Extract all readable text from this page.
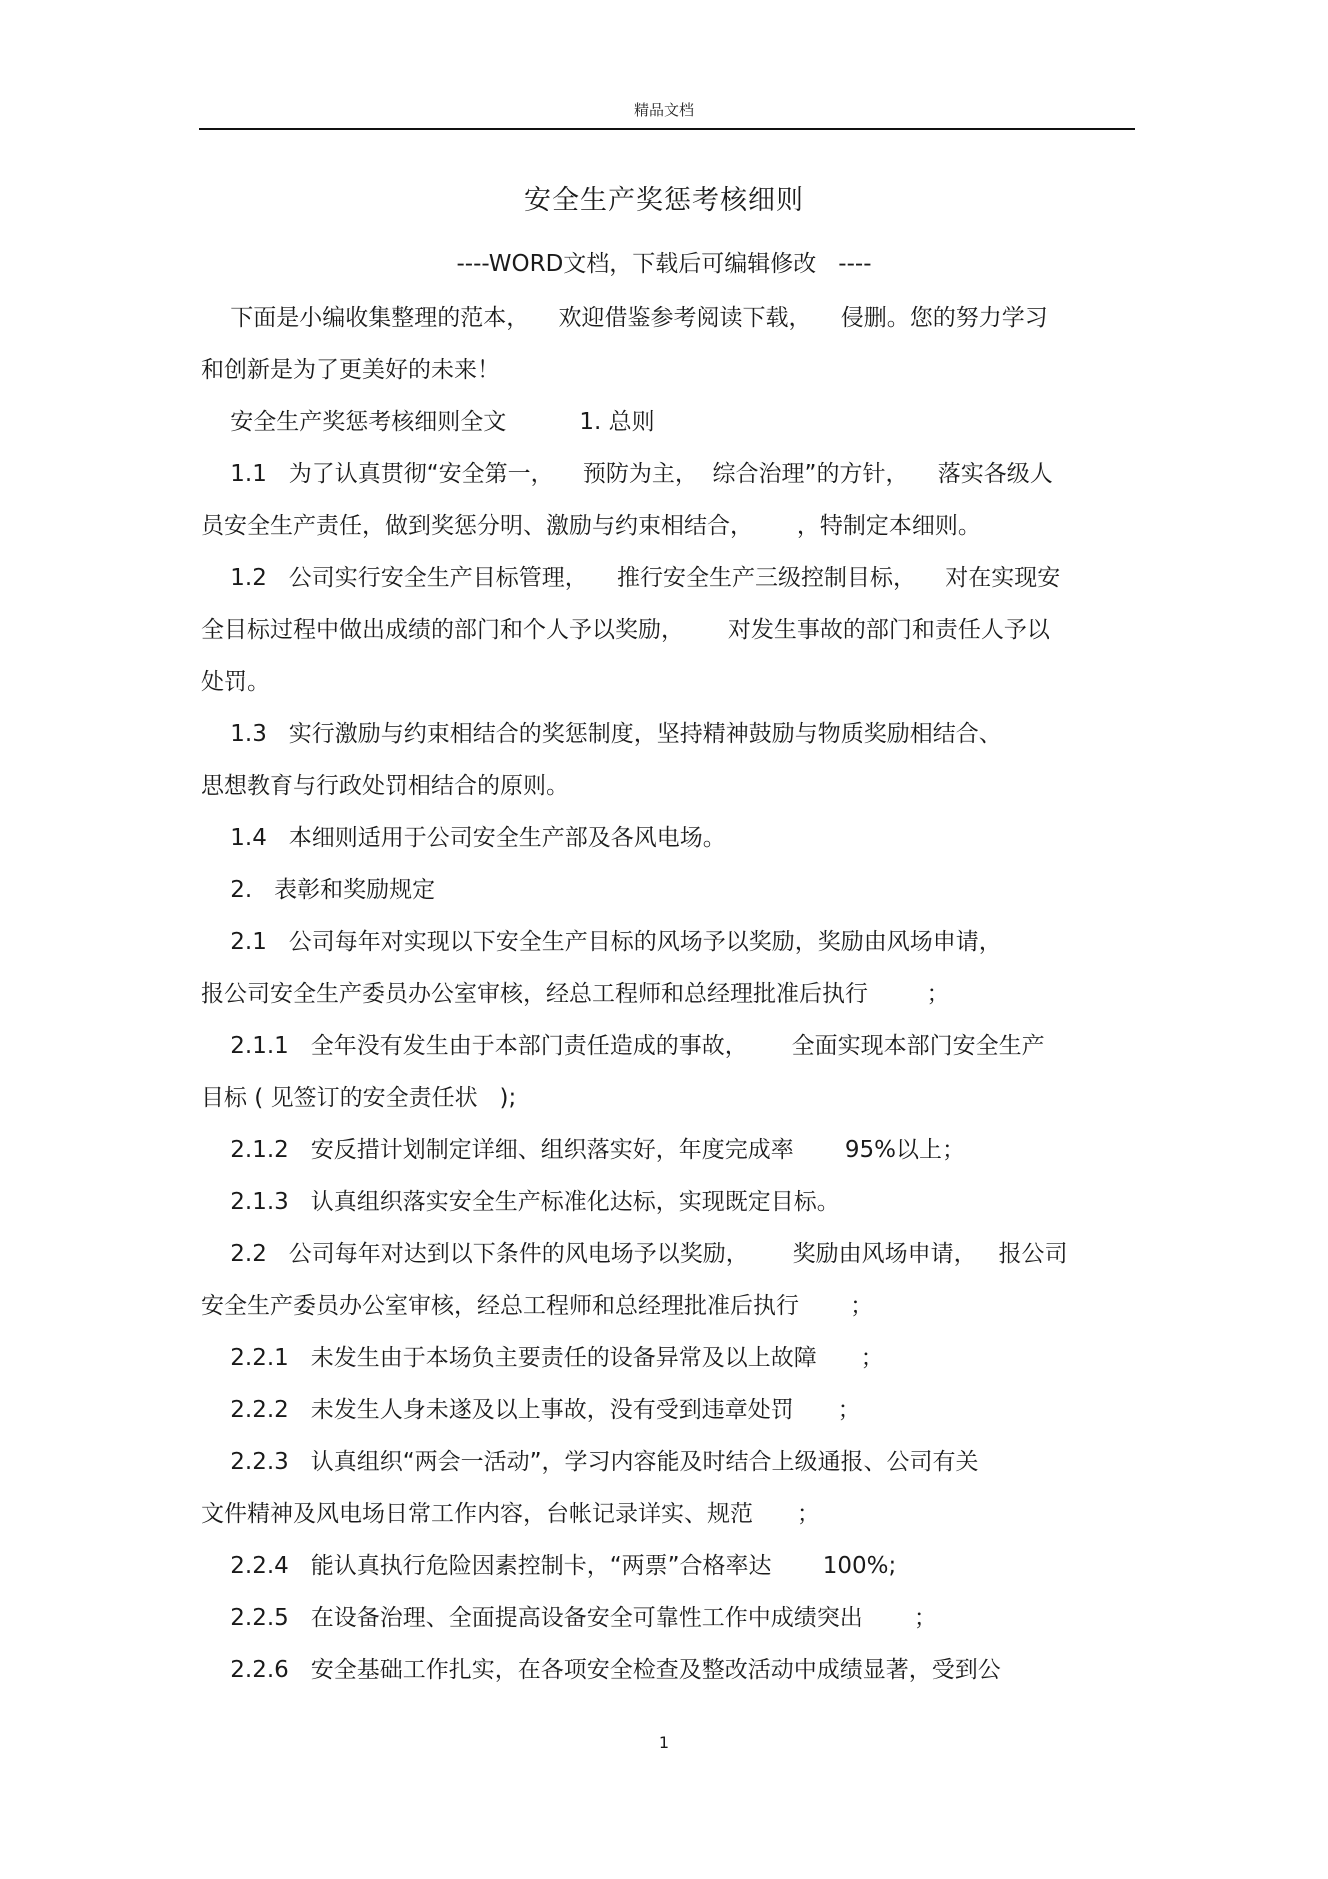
精品文档
安全生产奖惩考核细则
----WORD文档，下载后可编辑修改 ----
下面是小编收集整理的范本，    欢迎借鉴参考阅读下载，    侵删。您的努力学习
和创新是为了更美好的未来！
安全生产奖惩考核细则全文          1. 总则
1.1   为了认真贯彻“安全第一，    预防为主，  综合治理”的方针，    落实各级人
员安全生产责任，做到奖惩分明、激励与约束相结合，      ，特制定本细则。
1.2   公司实行安全生产目标管理，    推行安全生产三级控制目标，    对在实现安
全目标过程中做出成绩的部门和个人予以奖励，      对发生事故的部门和责任人予以
处罚。
1.3   实行激励与约束相结合的奖惩制度，坚持精神鼓励与物质奖励相结合、
思想教育与行政处罚相结合的原则。
1.4   本细则适用于公司安全生产部及各风电场。
2.   表彰和奖励规定
2.1   公司每年对实现以下安全生产目标的风场予以奖励，奖励由风场申请，
报公司安全生产委员办公室审核，经总工程师和总经理批准后执行        ；
2.1.1   全年没有发生由于本部门责任造成的事故，      全面实现本部门安全生产
目标 ( 见签订的安全责任状   );
2.1.2   安反措计划制定详细、组织落实好，年度完成率       95%以上；
2.1.3   认真组织落实安全生产标准化达标，实现既定目标。
2.2   公司每年对达到以下条件的风电场予以奖励，      奖励由风场申请，   报公司
安全生产委员办公室审核，经总工程师和总经理批准后执行       ；
2.2.1   未发生由于本场负主要责任的设备异常及以上故障      ；
2.2.2   未发生人身未遂及以上事故，没有受到违章处罚      ；
2.2.3   认真组织“两会一活动”，学习内容能及时结合上级通报、公司有关
文件精神及风电场日常工作内容，台帐记录详实、规范      ；
2.2.4   能认真执行危险因素控制卡，“两票”合格率达       100%;
2.2.5   在设备治理、全面提高设备安全可靠性工作中成绩突出       ；
2.2.6   安全基础工作扎实，在各项安全检查及整改活动中成绩显著，受到公
1
